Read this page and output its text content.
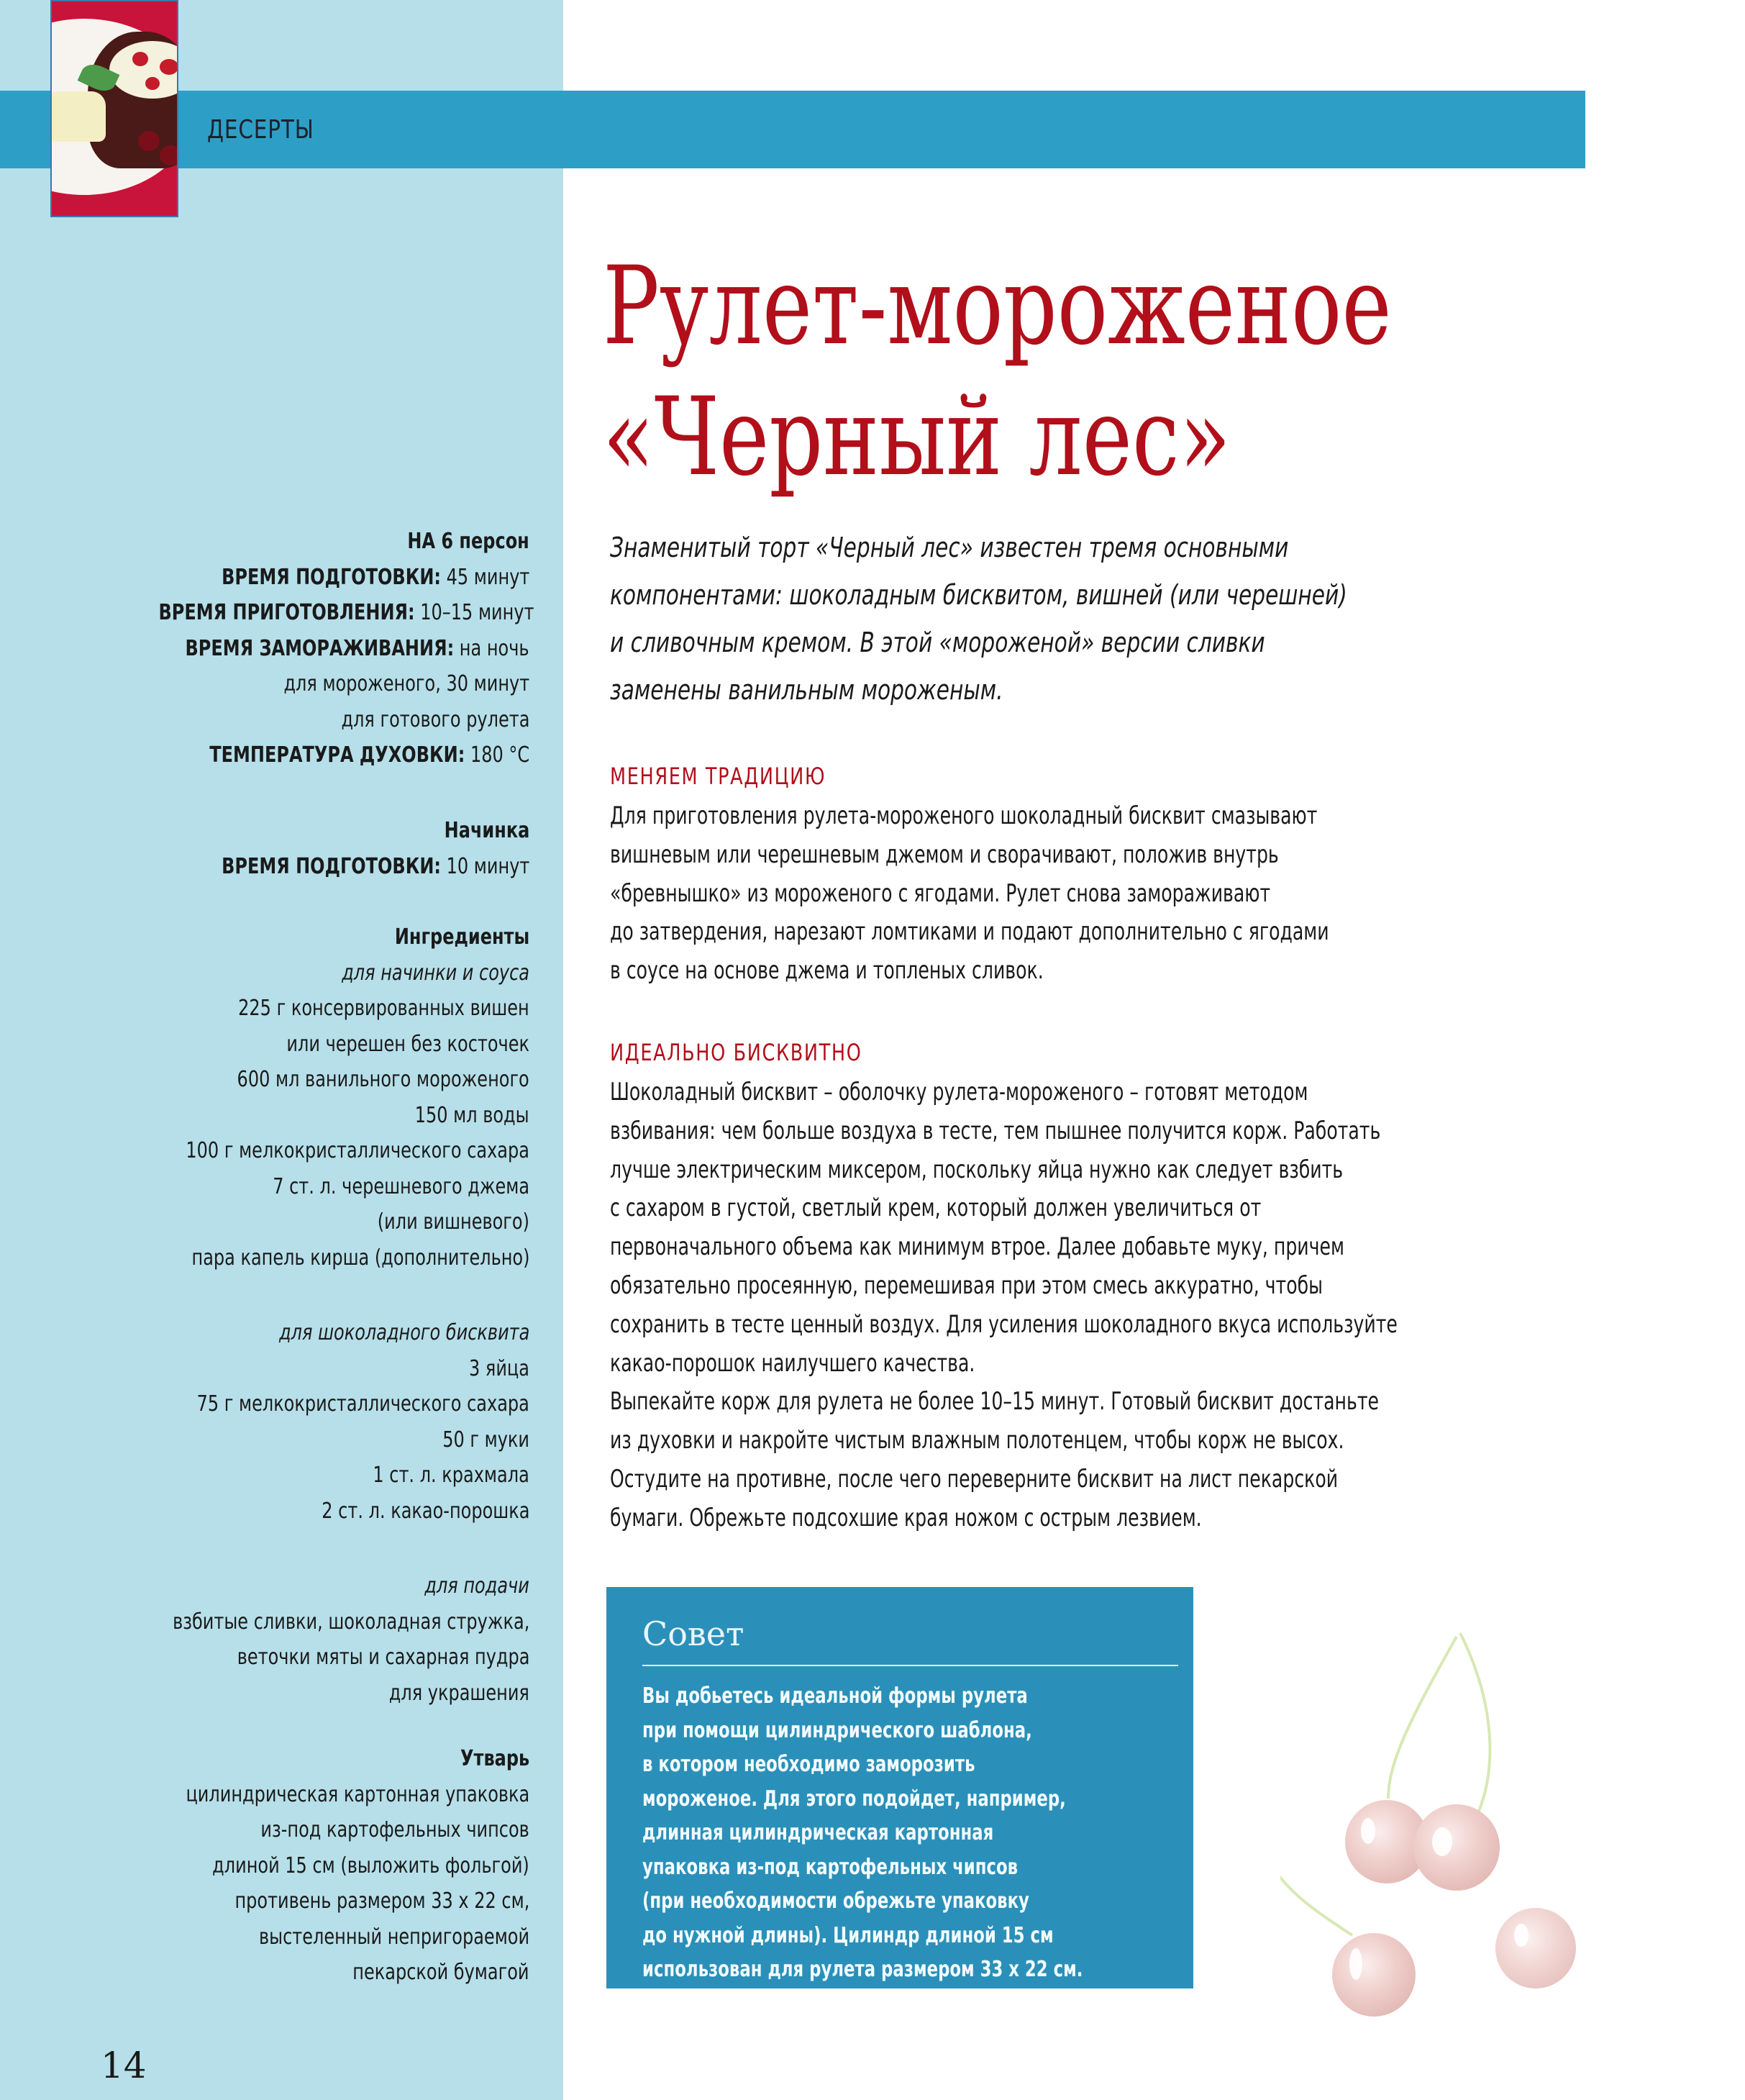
ДЕСЕРТЫ
НА 6 персон
ВРЕМЯ ПОДГОТОВКИ: 45 минут
ВРЕМЯ ПРИГОТОВЛЕНИЯ: 10–15 минут
ВРЕМЯ ЗАМОРАЖИВАНИЯ: на ночь
для мороженого, 30 минут
для готового рулета
ТЕМПЕРАТУРА ДУХОВКИ: 180 °C
Начинка
ВРЕМЯ ПОДГОТОВКИ: 10 минут
Ингредиенты
для начинки и соуса
225 г консервированных вишен
или черешен без косточек
600 мл ванильного мороженого
150 мл воды
100 г мелкокристаллического сахара
7 ст. л. черешневого джема
(или вишневого)
пара капель кирша (дополнительно)
для шоколадного бисквита
3 яйца
75 г мелкокристаллического сахара
50 г муки
1 ст. л. крахмала
2 ст. л. какао-порошка
для подачи
взбитые сливки, шоколадная стружка,
веточки мяты и сахарная пудра
для украшения
Утварь
цилиндрическая картонная упаковка
из-под картофельных чипсов
длиной 15 см (выложить фольгой)
противень размером 33 x 22 см,
выстеленный непригораемой
пекарской бумагой
14
Рулет-мороженое
«Черный лес»
Знаменитый торт «Черный лес» известен тремя основными
компонентами: шоколадным бисквитом, вишней (или черешней)
и сливочным кремом. В этой «мороженой» версии сливки
заменены ванильным мороженым.
МЕНЯЕМ ТРАДИЦИЮ
Для приготовления рулета-мороженого шоколадный бисквит смазывают
вишневым или черешневым джемом и сворачивают, положив внутрь
«бревнышко» из мороженого с ягодами. Рулет снова замораживают
до затвердения, нарезают ломтиками и подают дополнительно с ягодами
в соусе на основе джема и топленых сливок.
ИДЕАЛЬНО БИСКВИТНО
Шоколадный бисквит – оболочку рулета-мороженого – готовят методом
взбивания: чем больше воздуха в тесте, тем пышнее получится корж. Работать
лучше электрическим миксером, поскольку яйца нужно как следует взбить
с сахаром в густой, светлый крем, который должен увеличиться от
первоначального объема как минимум втрое. Далее добавьте муку, причем
обязательно просеянную, перемешивая при этом смесь аккуратно, чтобы
сохранить в тесте ценный воздух. Для усиления шоколадного вкуса используйте
какао-порошок наилучшего качества.
Выпекайте корж для рулета не более 10–15 минут. Готовый бисквит достаньте
из духовки и накройте чистым влажным полотенцем, чтобы корж не высох.
Остудите на противне, после чего переверните бисквит на лист пекарской
бумаги. Обрежьте подсохшие края ножом с острым лезвием.
Совет
Вы добьетесь идеальной формы рулета
при помощи цилиндрического шаблона,
в котором необходимо заморозить
мороженое. Для этого подойдет, например,
длинная цилиндрическая картонная
упаковка из-под картофельных чипсов
(при необходимости обрежьте упаковку
до нужной длины). Цилиндр длиной 15 см
использован для рулета размером 33 x 22 см.
